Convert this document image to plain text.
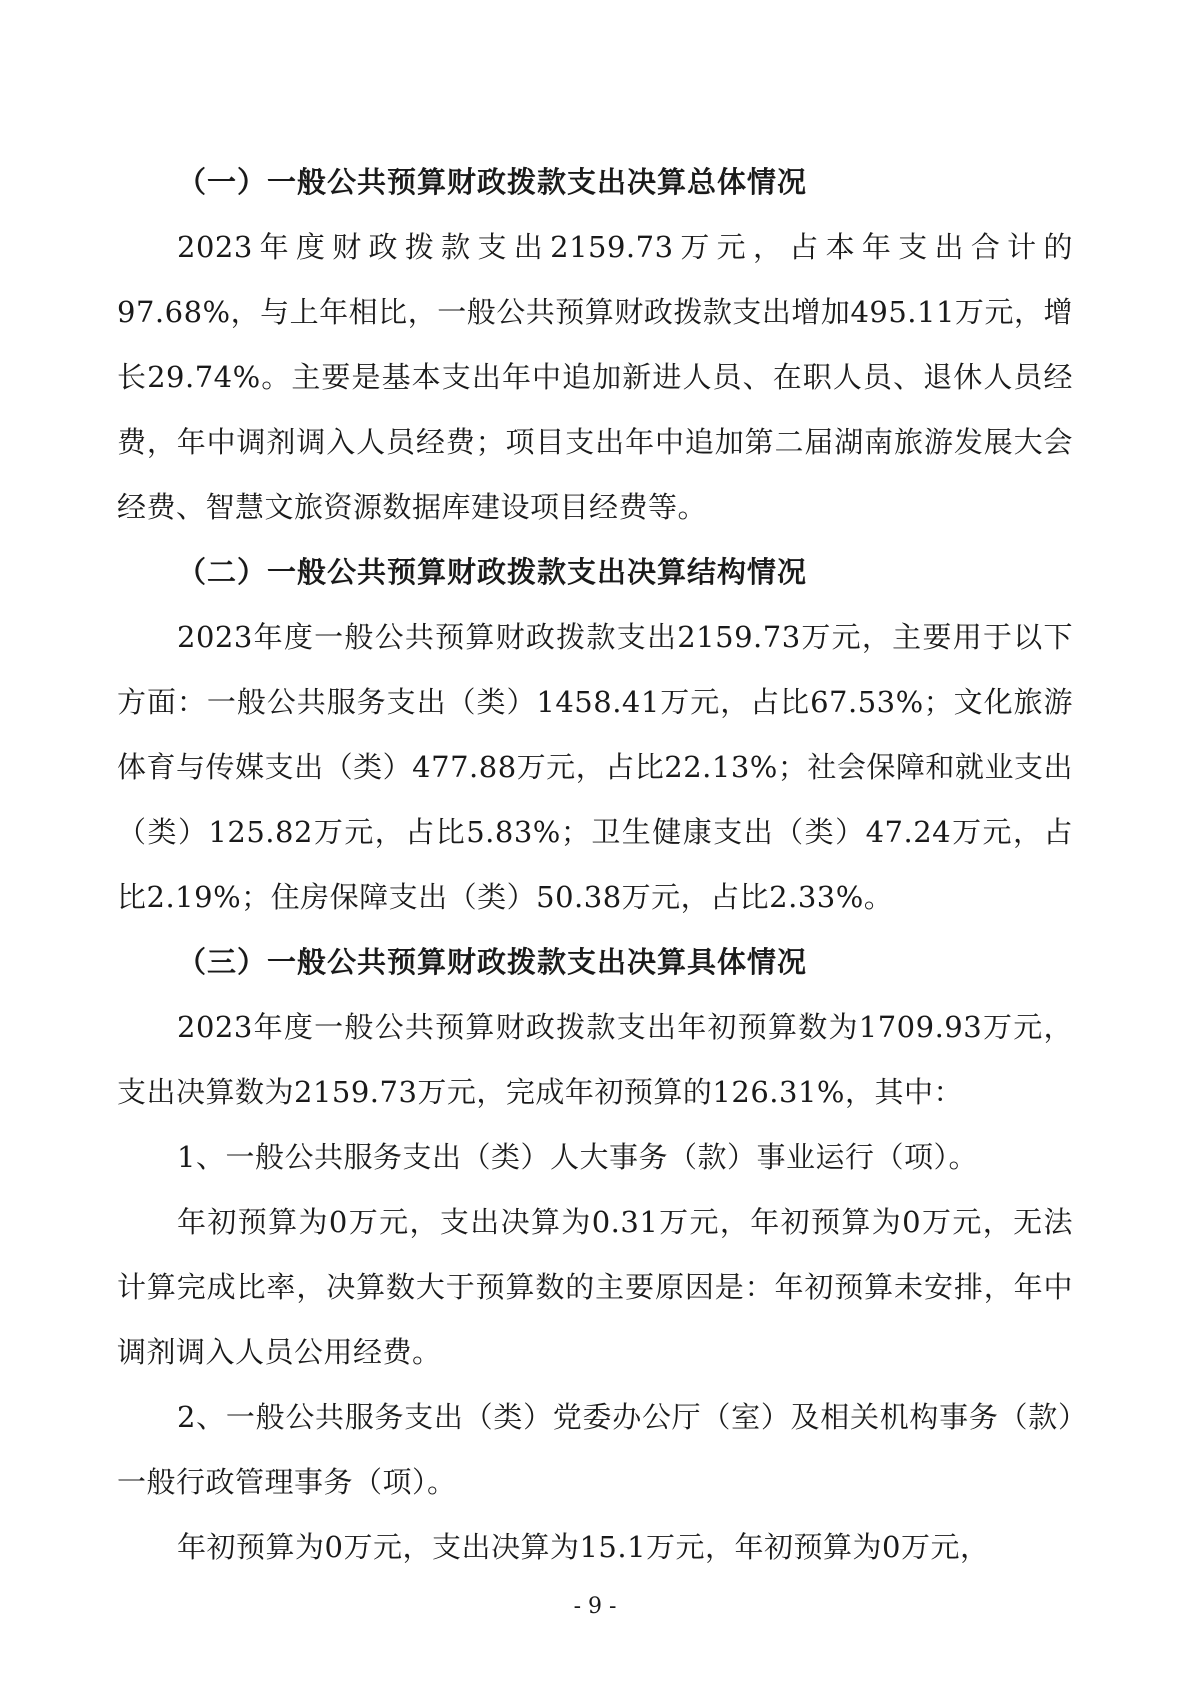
（一）一般公共预算财政拨款支出决算总体情况

2023年度财政拨款支出2159.73万元，占本年支出合计的97.68%，与上年相比，一般公共预算财政拨款支出增加495.11万元，增长29.74%。主要是基本支出年中追加新进人员、在职人员、退休人员经费，年中调剂调入人员经费；项目支出年中追加第二届湖南旅游发展大会经费、智慧文旅资源数据库建设项目经费等。

（二）一般公共预算财政拨款支出决算结构情况

2023年度一般公共预算财政拨款支出2159.73万元，主要用于以下方面：一般公共服务支出（类）1458.41万元，占比67.53%；文化旅游体育与传媒支出（类）477.88万元，占比22.13%；社会保障和就业支出（类）125.82万元，占比5.83%；卫生健康支出（类）47.24万元，占比2.19%；住房保障支出（类）50.38万元，占比2.33%。

（三）一般公共预算财政拨款支出决算具体情况

2023年度一般公共预算财政拨款支出年初预算数为1709.93万元，支出决算数为2159.73万元，完成年初预算的126.31%，其中：

1、一般公共服务支出（类）人大事务（款）事业运行（项）。

年初预算为0万元，支出决算为0.31万元，年初预算为0万元，无法计算完成比率，决算数大于预算数的主要原因是：年初预算未安排，年中调剂调入人员公用经费。

2、一般公共服务支出（类）党委办公厅（室）及相关机构事务（款）一般行政管理事务（项）。

年初预算为0万元，支出决算为15.1万元，年初预算为0万元，

- 9 -
